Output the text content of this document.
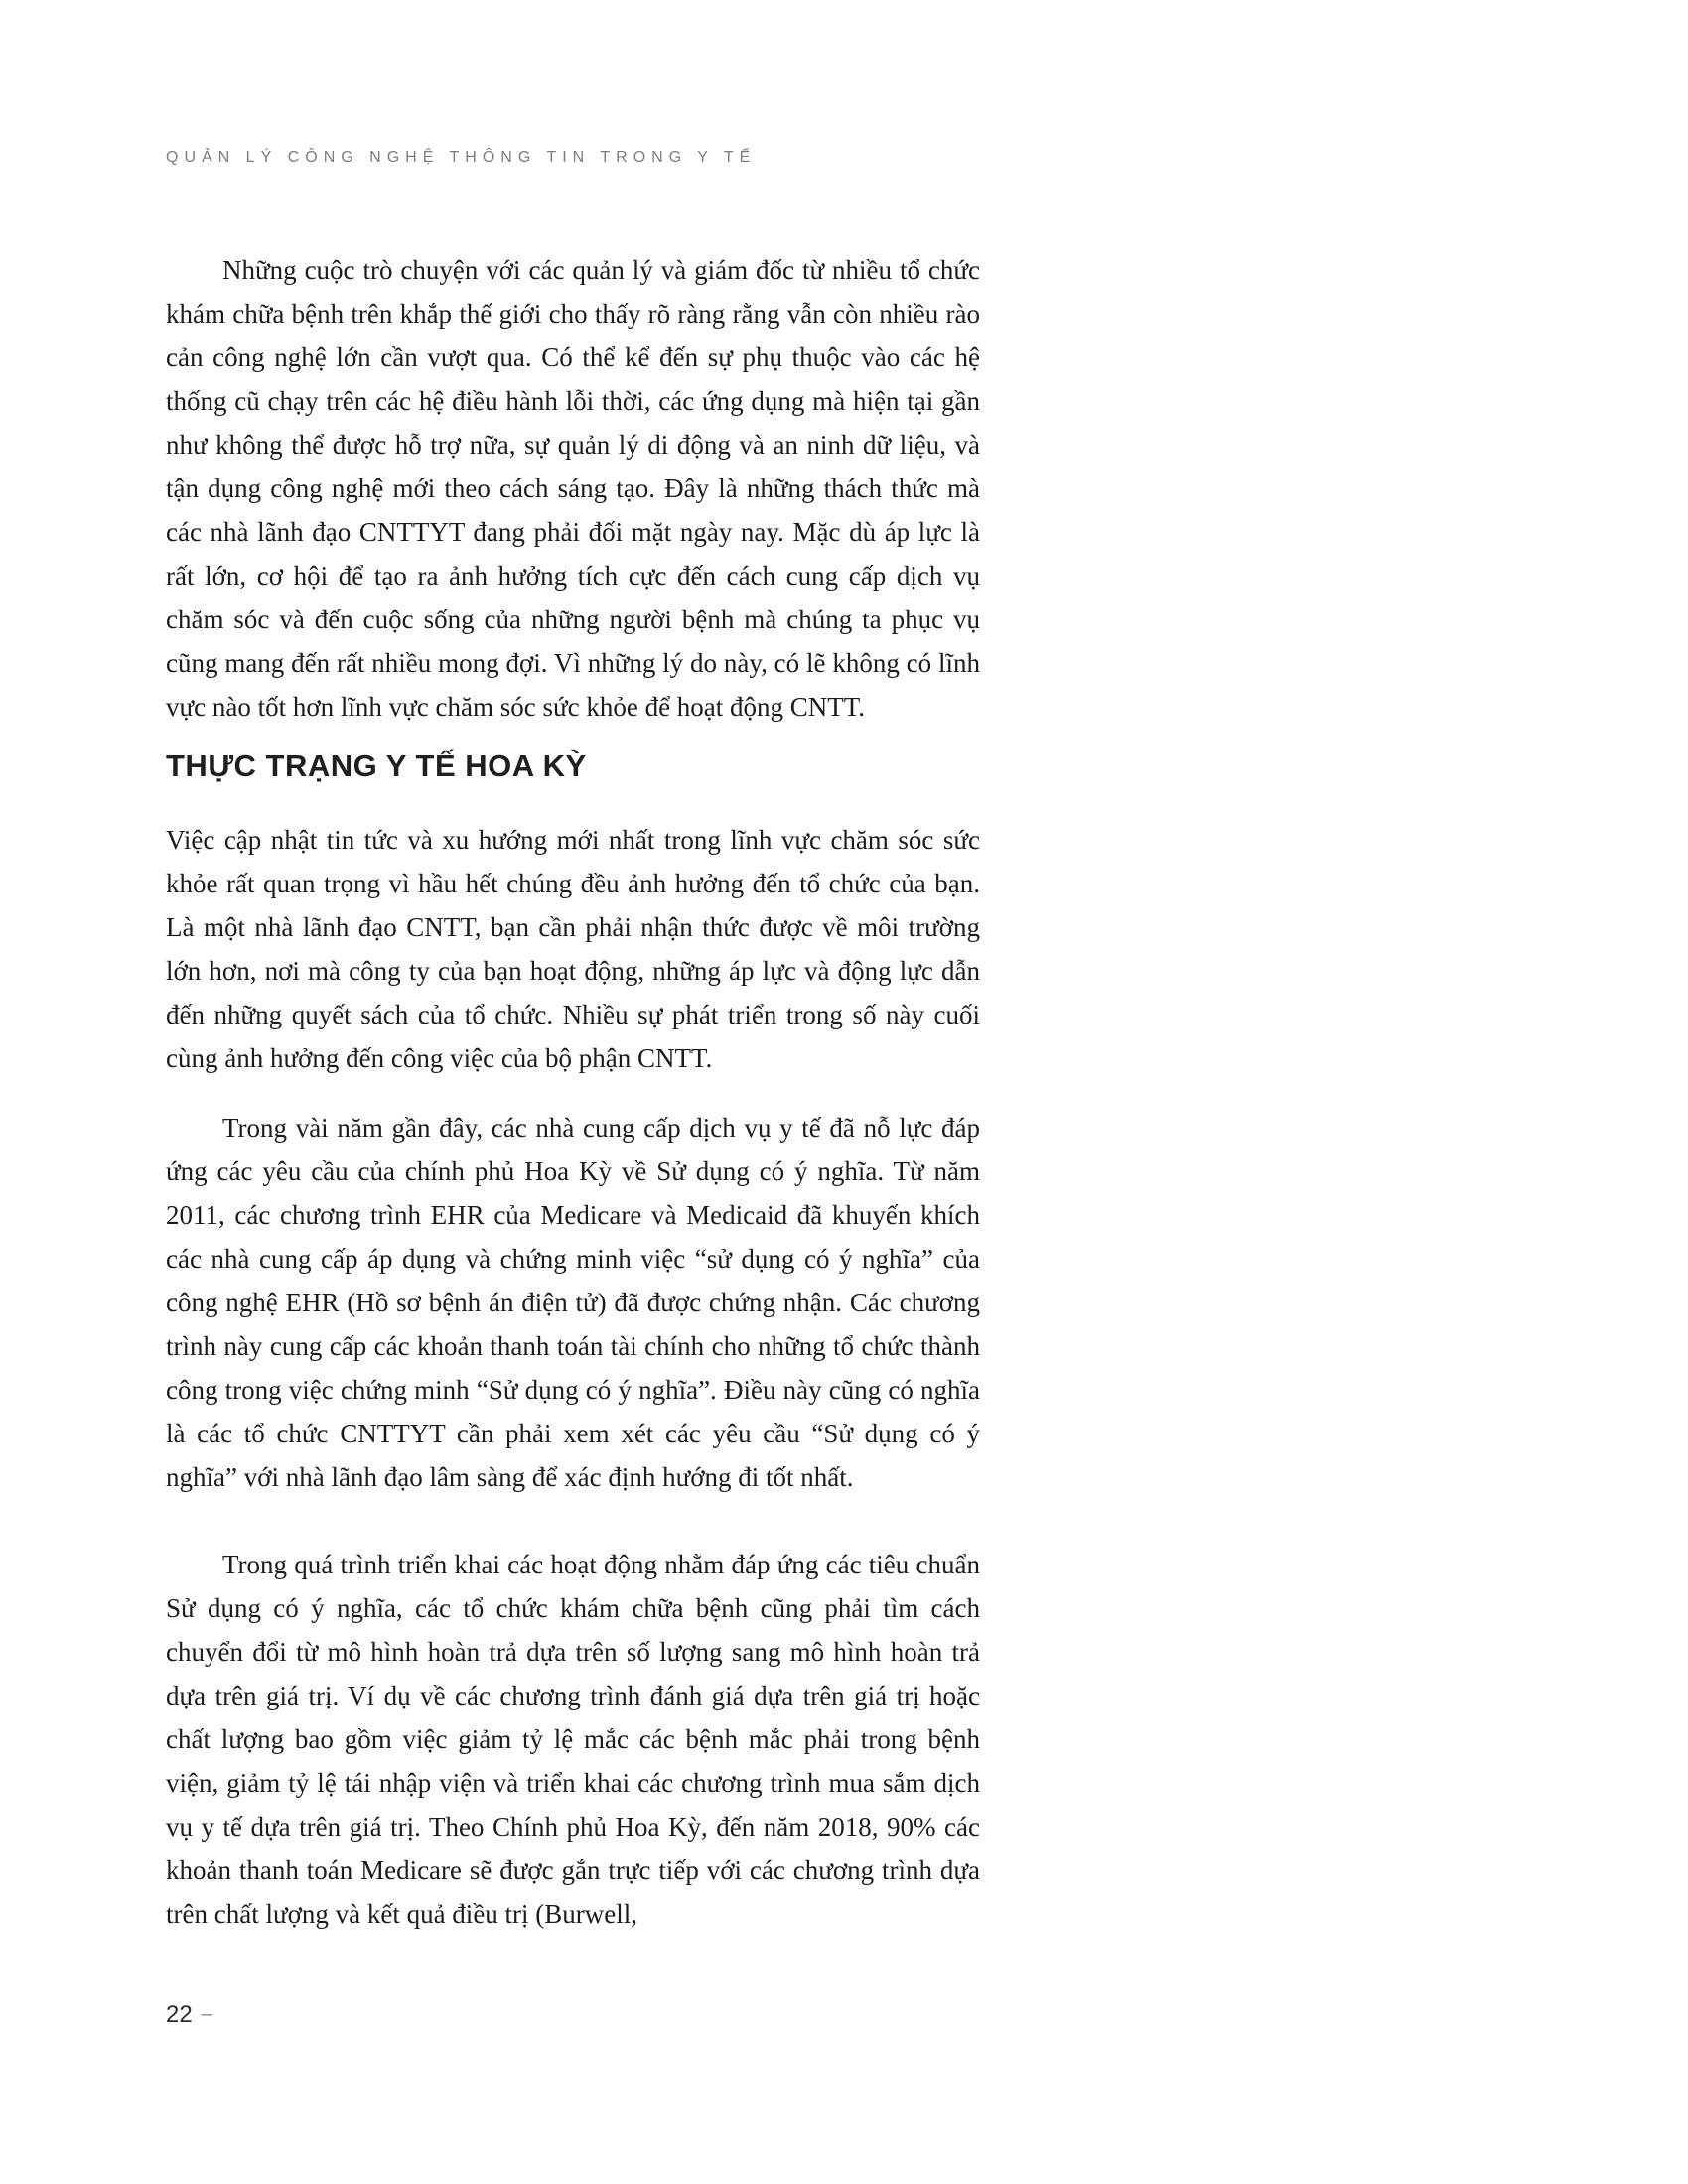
QUẢN LÝ CÔNG NGHỆ THÔNG TIN TRONG Y TẾ

Những cuộc trò chuyện với các quản lý và giám đốc từ nhiều tổ chức khám chữa bệnh trên khắp thế giới cho thấy rõ ràng rằng vẫn còn nhiều rào cản công nghệ lớn cần vượt qua. Có thể kể đến sự phụ thuộc vào các hệ thống cũ chạy trên các hệ điều hành lỗi thời, các ứng dụng mà hiện tại gần như không thể được hỗ trợ nữa, sự quản lý di động và an ninh dữ liệu, và tận dụng công nghệ mới theo cách sáng tạo. Đây là những thách thức mà các nhà lãnh đạo CNTTYT đang phải đối mặt ngày nay. Mặc dù áp lực là rất lớn, cơ hội để tạo ra ảnh hưởng tích cực đến cách cung cấp dịch vụ chăm sóc và đến cuộc sống của những người bệnh mà chúng ta phục vụ cũng mang đến rất nhiều mong đợi. Vì những lý do này, có lẽ không có lĩnh vực nào tốt hơn lĩnh vực chăm sóc sức khỏe để hoạt động CNTT.

THỰC TRẠNG Y TẾ HOA KỲ

Việc cập nhật tin tức và xu hướng mới nhất trong lĩnh vực chăm sóc sức khỏe rất quan trọng vì hầu hết chúng đều ảnh hưởng đến tổ chức của bạn. Là một nhà lãnh đạo CNTT, bạn cần phải nhận thức được về môi trường lớn hơn, nơi mà công ty của bạn hoạt động, những áp lực và động lực dẫn đến những quyết sách của tổ chức. Nhiều sự phát triển trong số này cuối cùng ảnh hưởng đến công việc của bộ phận CNTT.

Trong vài năm gần đây, các nhà cung cấp dịch vụ y tế đã nỗ lực đáp ứng các yêu cầu của chính phủ Hoa Kỳ về Sử dụng có ý nghĩa. Từ năm 2011, các chương trình EHR của Medicare và Medicaid đã khuyến khích các nhà cung cấp áp dụng và chứng minh việc “sử dụng có ý nghĩa” của công nghệ EHR (Hồ sơ bệnh án điện tử) đã được chứng nhận. Các chương trình này cung cấp các khoản thanh toán tài chính cho những tổ chức thành công trong việc chứng minh “Sử dụng có ý nghĩa”. Điều này cũng có nghĩa là các tổ chức CNTTYT cần phải xem xét các yêu cầu “Sử dụng có ý nghĩa” với nhà lãnh đạo lâm sàng để xác định hướng đi tốt nhất.

Trong quá trình triển khai các hoạt động nhằm đáp ứng các tiêu chuẩn Sử dụng có ý nghĩa, các tổ chức khám chữa bệnh cũng phải tìm cách chuyển đổi từ mô hình hoàn trả dựa trên số lượng sang mô hình hoàn trả dựa trên giá trị. Ví dụ về các chương trình đánh giá dựa trên giá trị hoặc chất lượng bao gồm việc giảm tỷ lệ mắc các bệnh mắc phải trong bệnh viện, giảm tỷ lệ tái nhập viện và triển khai các chương trình mua sắm dịch vụ y tế dựa trên giá trị. Theo Chính phủ Hoa Kỳ, đến năm 2018, 90% các khoản thanh toán Medicare sẽ được gắn trực tiếp với các chương trình dựa trên chất lượng và kết quả điều trị (Burwell,

22 –
